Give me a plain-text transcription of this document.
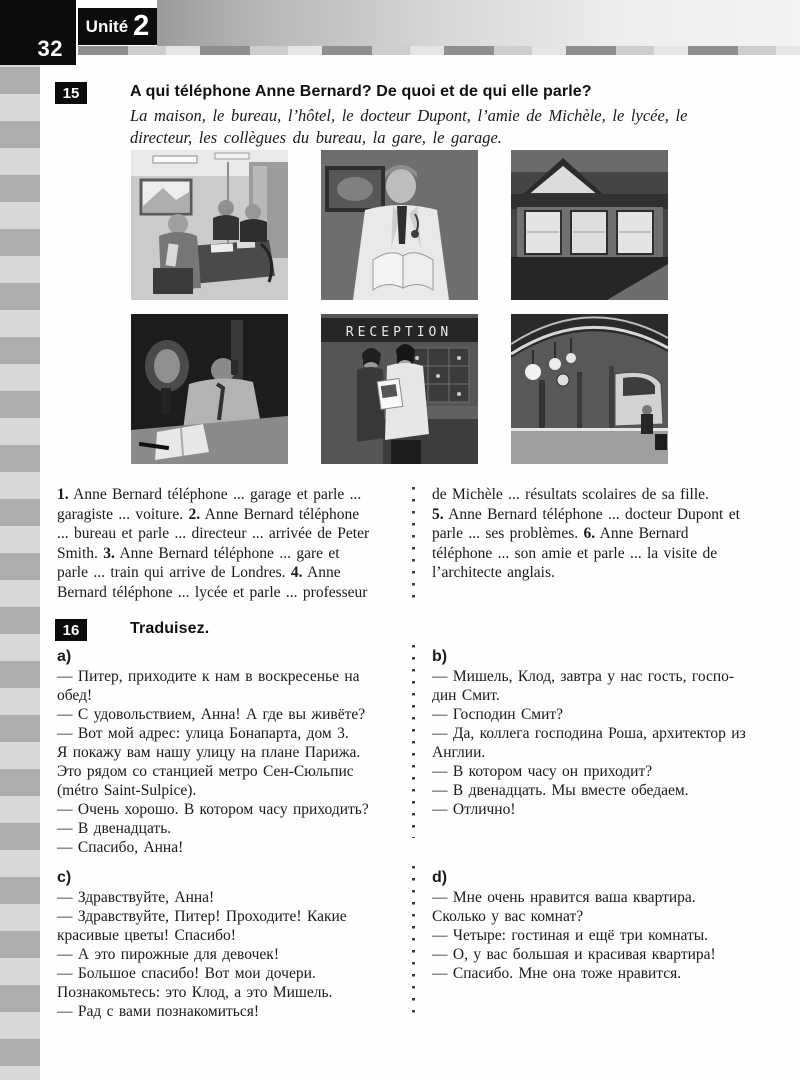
32
Unité 2
15	A qui téléphone Anne Bernard? De quoi et de qui elle parle?
La maison, le bureau, l’hôtel, le docteur Dupont, l’amie de Michèle, le lycée, le
directeur, les collègues du bureau, la gare, le garage.
RECEPTION
1. Anne Bernard téléphone ... garage et parle ...
garagiste ... voiture. 2. Anne Bernard téléphone
... bureau et parle ... directeur ... arrivée de Peter
Smith. 3. Anne Bernard téléphone ... gare et
parle ... train qui arrive de Londres. 4. Anne
Bernard téléphone ... lycée et parle ... professeur
de Michèle ... résultats scolaires de sa fille.
5. Anne Bernard téléphone ... docteur Dupont et
parle ... ses problèmes. 6. Anne Bernard
téléphone ... son amie et parle ... la visite de
l’architecte anglais.
16	Traduisez.
a)
— Питер, приходите к нам в воскресенье на
обед!
— С удовольствием, Анна! А где вы живёте?
— Вот мой адрес: улица Бонапарта, дом 3.
Я покажу вам нашу улицу на плане Парижа.
Это рядом со станцией метро Сен-Сюльпис
(métro Saint-Sulpice).
— Очень хорошо. В котором часу приходить?
— В двенадцать.
— Спасибо, Анна!
b)
— Мишель, Клод, завтра у нас гость, госпо-
дин Смит.
— Господин Смит?
— Да, коллега господина Роша, архитектор из
Англии.
— В котором часу он приходит?
— В двенадцать. Мы вместе обедаем.
— Отлично!
c)
— Здравствуйте, Анна!
— Здравствуйте, Питер! Проходите! Какие
красивые цветы! Спасибо!
— А это пирожные для девочек!
— Большое спасибо! Вот мои дочери.
Познакомьтесь: это Клод, а это Мишель.
— Рад с вами познакомиться!
d)
— Мне очень нравится ваша квартира.
Сколько у вас комнат?
— Четыре: гостиная и ещё три комнаты.
— О, у вас большая и красивая квартира!
— Спасибо. Мне она тоже нравится.
